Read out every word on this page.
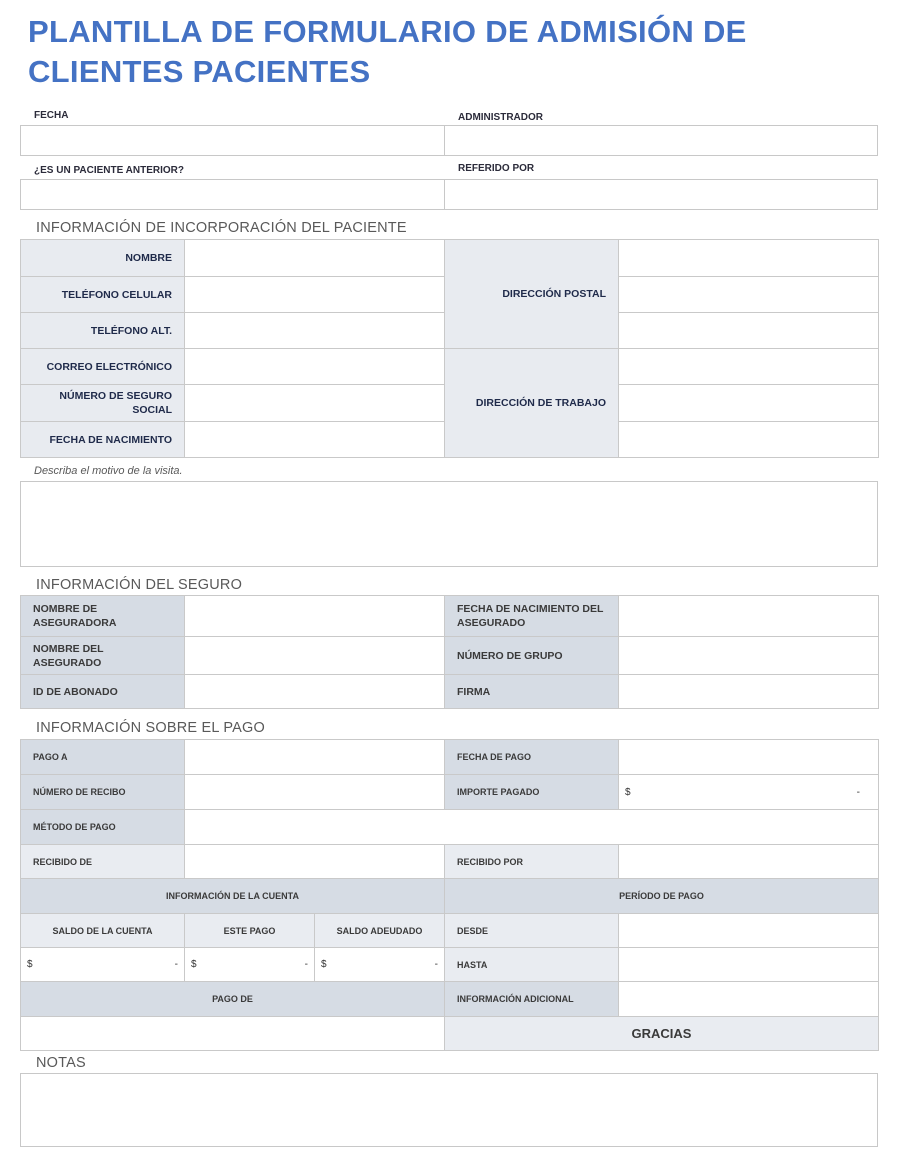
PLANTILLA DE FORMULARIO DE ADMISIÓN DE CLIENTES PACIENTES
FECHA	ADMINISTRADOR
¿ES UN PACIENTE ANTERIOR?	REFERIDO POR
INFORMACIÓN DE INCORPORACIÓN DEL PACIENTE
NOMBRE		DIRECCIÓN POSTAL	
TELÉFONO CELULAR			
TELÉFONO ALT.			
CORREO ELECTRÓNICO		DIRECCIÓN DE TRABAJO	
NÚMERO DE SEGURO SOCIAL			
FECHA DE NACIMIENTO			
Describa el motivo de la visita.
INFORMACIÓN DEL SEGURO
NOMBRE DE ASEGURADORA		FECHA DE NACIMIENTO DEL ASEGURADO	
NOMBRE DEL ASEGURADO		NÚMERO DE GRUPO	
ID DE ABONADO		FIRMA	
INFORMACIÓN SOBRE EL PAGO
PAGO A			FECHA DE PAGO	
NÚMERO DE RECIBO			IMPORTE PAGADO	$ -

MÉTODO DE PAGO				
RECIBIDO DE			RECIBIDO POR	
INFORMACIÓN DE LA CUENTA			PERÍODO DE PAGO	
SALDO DE LA CUENTA	ESTE PAGO	SALDO ADEUDADO	DESDE	

$ -	$ -	$ -	HASTA	
PAGO DE			INFORMACIÓN ADICIONAL	
			GRACIAS	
NOTAS
